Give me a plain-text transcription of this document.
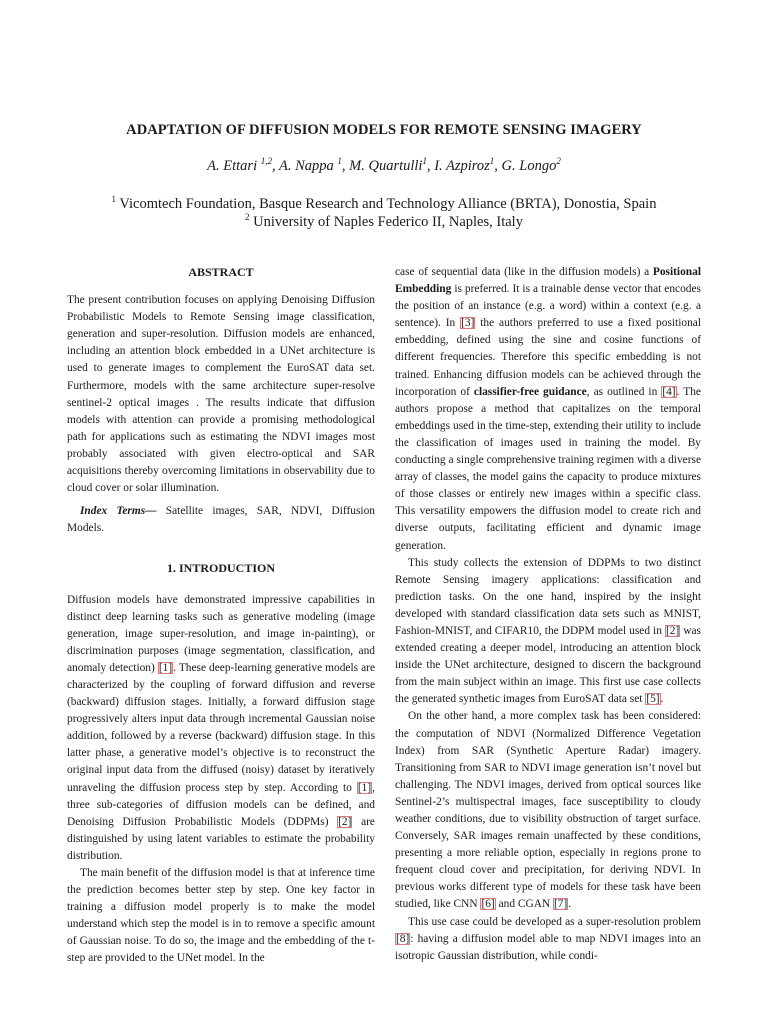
ADAPTATION OF DIFFUSION MODELS FOR REMOTE SENSING IMAGERY
A. Ettari $^{1,2}$, A. Nappa $^1$, M. Quartulli$^1$, I. Azpiroz$^1$, G. Longo$^2$
$^1$ Vicomtech Foundation, Basque Research and Technology Alliance (BRTA), Donostia, Spain
$^2$ University of Naples Federico II, Naples, Italy

ABSTRACT

The present contribution focuses on applying Denoising Diffusion Probabilistic Models to Remote Sensing image classification, generation and super-resolution. Diffusion models are enhanced, including an attention block embedded in a UNet architecture is used to generate images to complement the EuroSAT data set. Furthermore, models with the same architecture super-resolve sentinel-2 optical images . The results indicate that diffusion models with attention can provide a promising methodological path for applications such as estimating the NDVI images most probably associated with given electro-optical and SAR acquisitions thereby overcoming limitations in observability due to cloud cover or solar illumination.

Index Terms— Satellite images, SAR, NDVI, Diffusion Models.

1. INTRODUCTION

Diffusion models have demonstrated impressive capabilities in distinct deep learning tasks such as generative modeling (image generation, image super-resolution, and image in-painting), or discrimination purposes (image segmentation, classification, and anomaly detection) [1]. These deep-learning generative models are characterized by the coupling of forward diffusion and reverse (backward) diffusion stages. Initially, a forward diffusion stage progressively alters input data through incremental Gaussian noise addition, followed by a reverse (backward) diffusion stage. In this latter phase, a generative model’s objective is to reconstruct the original input data from the diffused (noisy) dataset by iteratively unraveling the diffusion process step by step. According to [1], three sub-categories of diffusion models can be defined, and Denoising Diffusion Probabilistic Models (DDPMs) [2] are distinguished by using latent variables to estimate the probability distribution.

The main benefit of the diffusion model is that at inference time the prediction becomes better step by step. One key factor in training a diffusion model properly is to make the model understand which step the model is in to remove a specific amount of Gaussian noise. To do so, the image and the embedding of the t-step are provided to the UNet model. In the

case of sequential data (like in the diffusion models) a Positional Embedding is preferred. It is a trainable dense vector that encodes the position of an instance (e.g. a word) within a context (e.g. a sentence). In [3] the authors preferred to use a fixed positional embedding, defined using the sine and cosine functions of different frequencies. Therefore this specific embedding is not trained. Enhancing diffusion models can be achieved through the incorporation of classifier-free guidance, as outlined in [4]. The authors propose a method that capitalizes on the temporal embeddings used in the time-step, extending their utility to include the classification of images used in training the model. By conducting a single comprehensive training regimen with a diverse array of classes, the model gains the capacity to produce mixtures of those classes or entirely new images within a specific class. This versatility empowers the diffusion model to create rich and diverse outputs, facilitating efficient and dynamic image generation.

This study collects the extension of DDPMs to two distinct Remote Sensing imagery applications: classification and prediction tasks. On the one hand, inspired by the insight developed with standard classification data sets such as MNIST, Fashion-MNIST, and CIFAR10, the DDPM model used in [2] was extended creating a deeper model, introducing an attention block inside the UNet architecture, designed to discern the background from the main subject within an image. This first use case collects the generated synthetic images from EuroSAT data set [5].

On the other hand, a more complex task has been considered: the computation of NDVI (Normalized Difference Vegetation Index) from SAR (Synthetic Aperture Radar) imagery. Transitioning from SAR to NDVI image generation isn’t novel but challenging. The NDVI images, derived from optical sources like Sentinel-2’s multispectral images, face susceptibility to cloudy weather conditions, due to visibility obstruction of target surface. Conversely, SAR images remain unaffected by these conditions, presenting a more reliable option, especially in regions prone to frequent cloud cover and precipitation, for deriving NDVI. In previous works different type of models for these task have been studied, like CNN [6] and CGAN [7].

This use case could be developed as a super-resolution problem [8]: having a diffusion model able to map NDVI images into an isotropic Gaussian distribution, while condi-
